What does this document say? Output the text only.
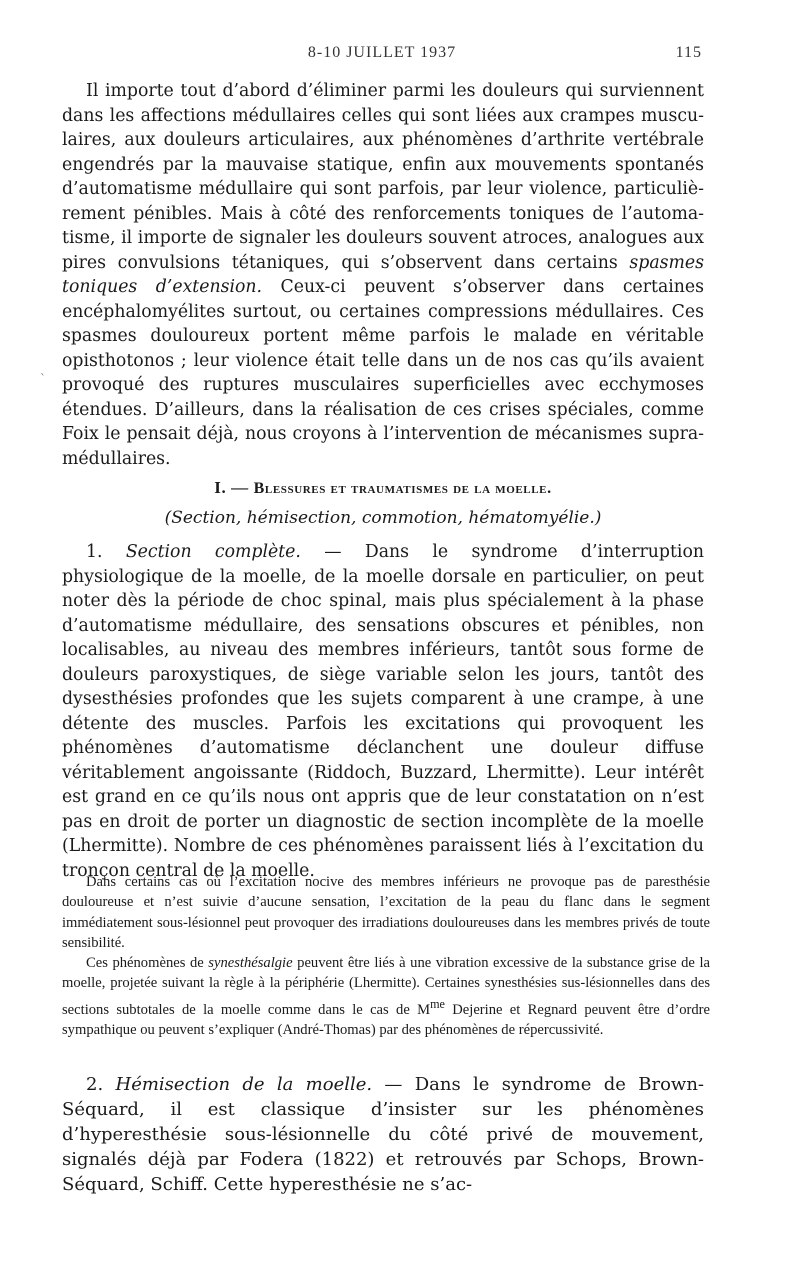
8-10 JUILLET 1937	115
ˋ

Il importe tout d’abord d’éliminer parmi les douleurs qui surviennent dans les affections médullaires celles qui sont liées aux crampes musculaires, aux douleurs articulaires, aux phénomènes d’arthrite vertébrale engendrés par la mauvaise statique, enfin aux mouvements spontanés d’automatisme médullaire qui sont parfois, par leur violence, particulièrement pénibles. Mais à côté des renforcements toniques de l’automatisme, il importe de signaler les douleurs souvent atroces, analogues aux pires convulsions tétaniques, qui s’observent dans certains spasmes toniques d’extension. Ceux-ci peuvent s’observer dans certaines encéphalomyélites surtout, ou certaines compressions médullaires. Ces spasmes douloureux portent même parfois le malade en véritable opisthotonos ; leur violence était telle dans un de nos cas qu’ils avaient provoqué des ruptures musculaires superficielles avec ecchymoses étendues. D’ailleurs, dans la réalisation de ces crises spéciales, comme Foix le pensait déjà, nous croyons à l’intervention de mécanismes supra-médullaires.

I. — Blessures et traumatismes de la moelle.

(Section, hémisection, commotion, hématomyélie.)

1. Section complète. — Dans le syndrome d’interruption physiologique de la moelle, de la moelle dorsale en particulier, on peut noter dès la période de choc spinal, mais plus spécialement à la phase d’automatisme médullaire, des sensations obscures et pénibles, non localisables, au niveau des membres inférieurs, tantôt sous forme de douleurs paroxystiques, de siège variable selon les jours, tantôt des dysesthésies profondes que les sujets comparent à une crampe, à une détente des muscles. Parfois les excitations qui provoquent les phénomènes d’automatisme déclanchent une douleur diffuse véritablement angoissante (Riddoch, Buzzard, Lhermitte). Leur intérêt est grand en ce qu’ils nous ont appris que de leur constatation on n’est pas en droit de porter un diagnostic de section incomplète de la moelle (Lhermitte). Nombre de ces phénomènes paraissent liés à l’excitation du tronçon central de la moelle.

Dans certains cas où l’excitation nocive des membres inférieurs ne provoque pas de paresthésie douloureuse et n’est suivie d’aucune sensation, l’excitation de la peau du flanc dans le segment immédiatement sous-lésionnel peut provoquer des irradiations douloureuses dans les membres privés de toute sensibilité.

Ces phénomènes de synesthésalgie peuvent être liés à une vibration excessive de la substance grise de la moelle, projetée suivant la règle à la périphérie (Lhermitte). Certaines synesthésies sus-lésionnelles dans des sections subtotales de la moelle comme dans le cas de $M^{me}$ Dejerine et Regnard peuvent être d’ordre sympathique ou peuvent s’expliquer (André-Thomas) par des phénomènes de répercussivité.

2. Hémisection de la moelle. — Dans le syndrome de Brown-Séquard, il est classique d’insister sur les phénomènes d’hyperesthésie sous-lésionnelle du côté privé de mouvement, signalés déjà par Fodera (1822) et retrouvés par Schops, Brown-Séquard, Schiff. Cette hyperesthésie ne s’ac-
